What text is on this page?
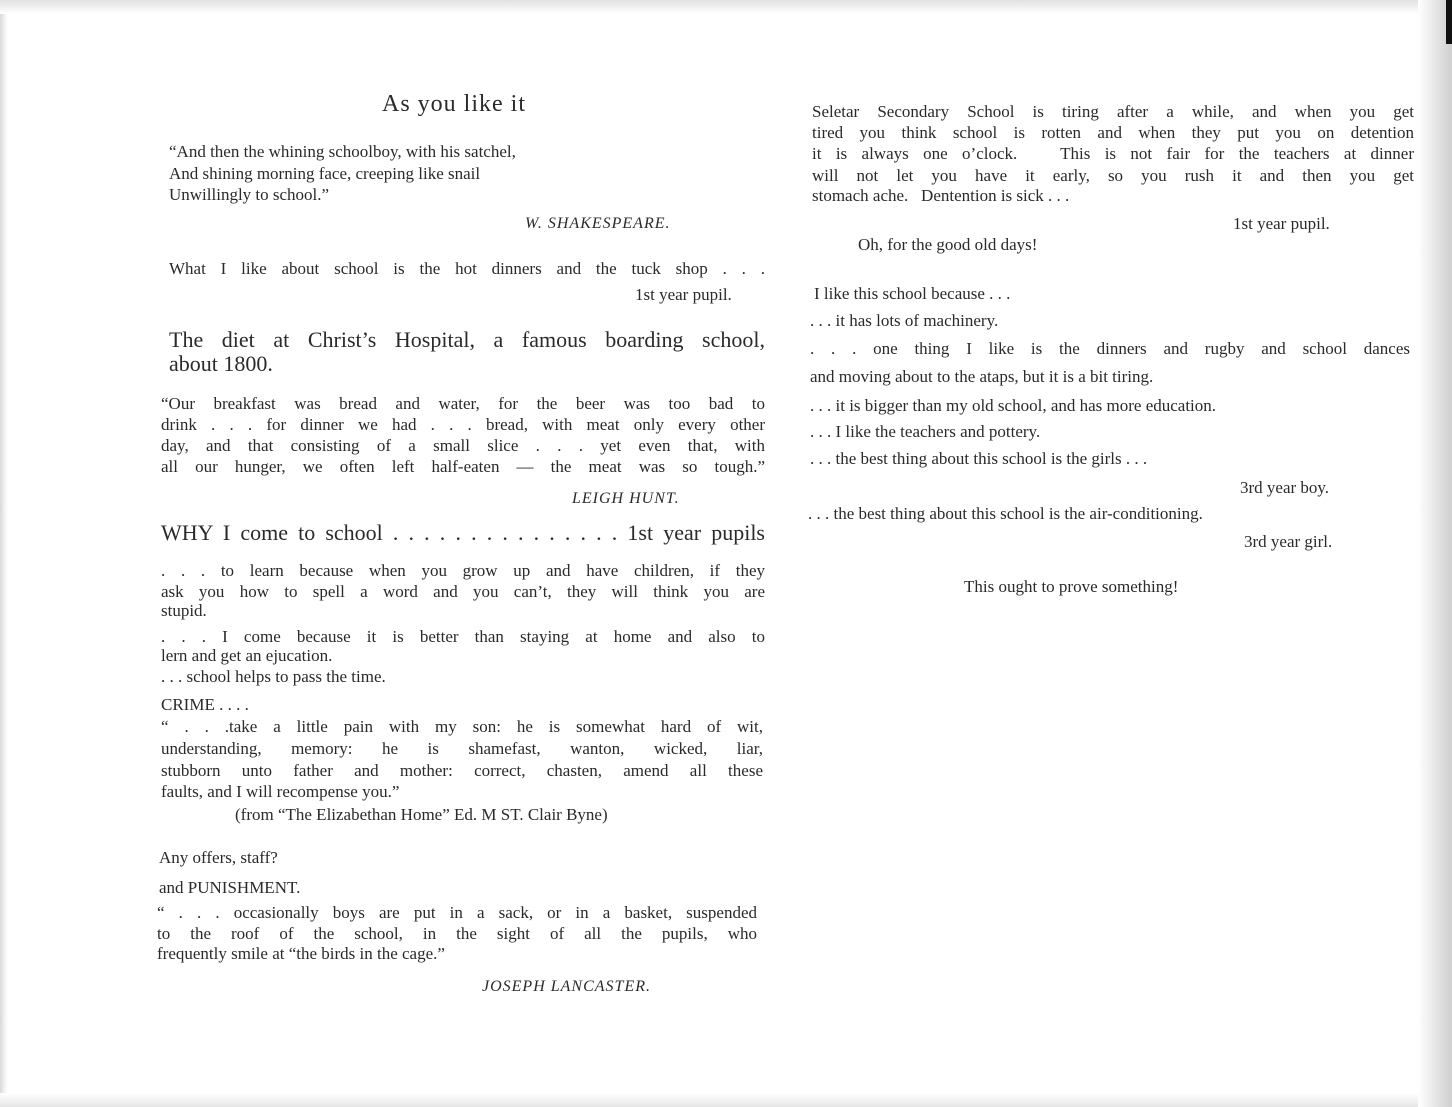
As you like it
“And then the whining schoolboy, with his satchel,
And shining morning face, creeping like snail
Unwillingly to school.”
W. SHAKESPEARE.
What I like about school is the hot dinners and the tuck shop . . .
1st year pupil.
The diet at Christ’s Hospital, a famous boarding school,
about 1800.
“Our breakfast was bread and water, for the beer was too bad to
drink . . . for dinner we had . . . bread, with meat only every other
day, and that consisting of a small slice . . . yet even that, with
all our hunger, we often left half-eaten — the meat was so tough.”
LEIGH HUNT.
WHY I come to school . . . . . . . . . . . . . . . 1st year pupils
. . . to learn because when you grow up and have children, if they
ask you how to spell a word and you can’t, they will think you are
stupid.
. . . I come because it is better than staying at home and also to
lern and get an ejucation.
. . . school helps to pass the time.
CRIME . . . .
“ . . .take a little pain with my son: he is somewhat hard of wit,
understanding, memory: he is shamefast, wanton, wicked, liar,
stubborn unto father and mother: correct, chasten, amend all these
faults, and I will recompense you.”
(from “The Elizabethan Home” Ed. M ST. Clair Byne)
Any offers, staff?
and PUNISHMENT.
“ . . . occasionally boys are put in a sack, or in a basket, suspended
to the roof of the school, in the sight of all the pupils, who
frequently smile at “the birds in the cage.”
JOSEPH LANCASTER.
Seletar Secondary School is tiring after a while, and when you get
tired you think school is rotten and when they put you on detention
it is always one o’clock.   This is not fair for the teachers at dinner
will not let you have it early, so you rush it and then you get
stomach ache.   Dentention is sick . . .
1st year pupil.
Oh, for the good old days!
I like this school because . . .
. . . it has lots of machinery.
. . . one thing I like is the dinners and rugby and school dances
and moving about to the ataps, but it is a bit tiring.
. . . it is bigger than my old school, and has more education.
. . . I like the teachers and pottery.
. . . the best thing about this school is the girls . . .
3rd year boy.
. . . the best thing about this school is the air-conditioning.
3rd year girl.
This ought to prove something!
